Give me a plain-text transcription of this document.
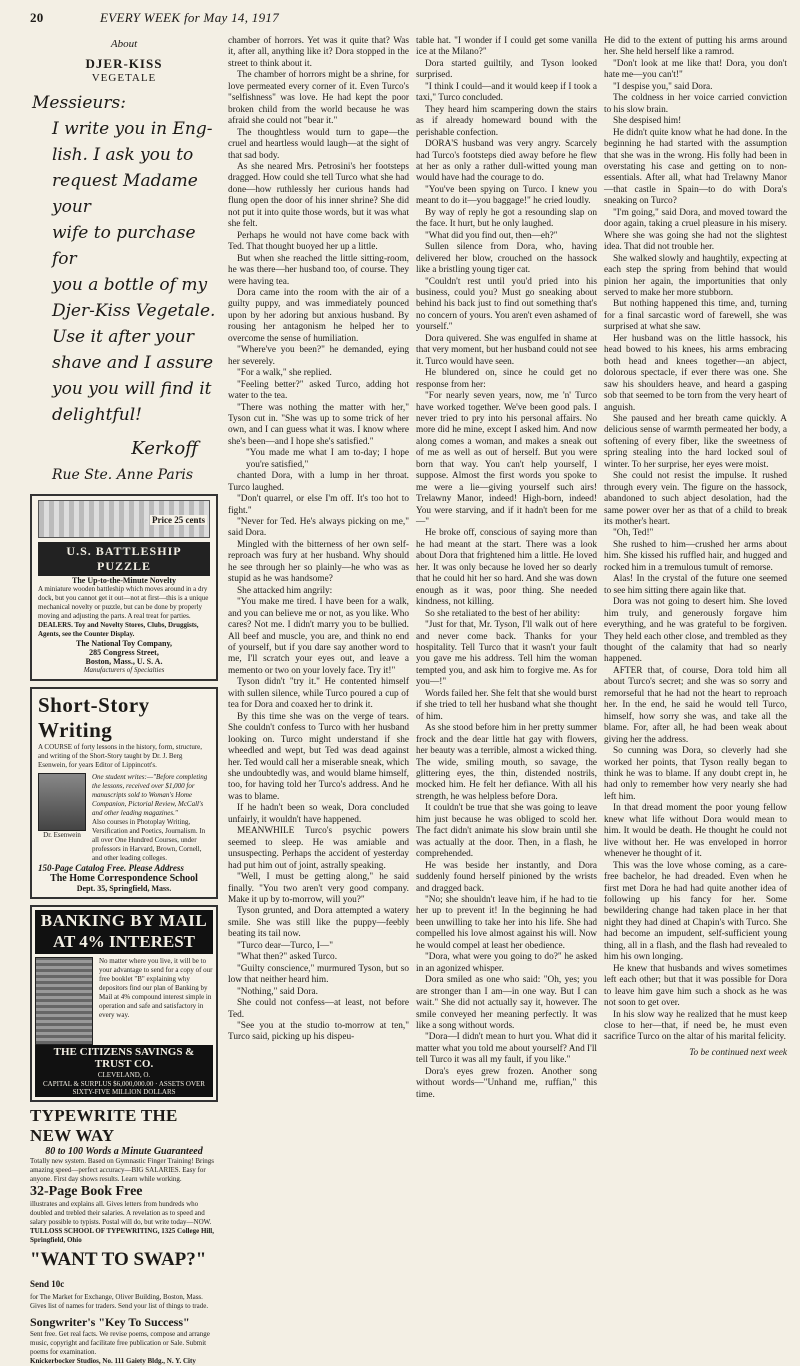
20	EVERY WEEK for May 14, 1917
About
DJER-KISS
VEGETALE
Messieurs:
I write you in Eng-
lish. I ask you to
request Madame your
wife to purchase for
you a bottle of my
Djer-Kiss Vegetale.
Use it after your
shave and I assure
you you will find it
delightful!
Kerkoff
Rue Ste. Anne Paris
Price 25 cents
U.S. BATTLESHIP PUZZLE
The Up-to-the-Minute Novelty
A miniature wooden battleship which moves around in a dry dock, but you cannot get it out—not at first—this is a unique mechanical novelty or puzzle, but can be done by properly moving and adjusting the parts. A real treat for parties.
DEALERS. Toy and Novelty Stores, Clubs, Druggists, Agents, see the Counter Display.
The National Toy Company,
285 Congress Street,
Boston, Mass., U. S. A.
Manufacturers of Specialties
Short-Story Writing
A COURSE of forty lessons in the history, form, structure, and writing of the Short-Story taught by Dr. J. Berg Esenwein, for years Editor of Lippincott's.
Dr. Esenwein
One student writes:—"Before completing the lessons, received over $1,000 for manuscripts sold to Woman's Home Companion, Pictorial Review, McCall's and other leading magazines."
Also courses in Photoplay Writing, Versification and Poetics, Journalism. In all over One Hundred Courses, under professors in Harvard, Brown, Cornell, and other leading colleges.
150-Page Catalog Free. Please Address
The Home Correspondence School
Dept. 35, Springfield, Mass.
BANKING BY MAIL
AT 4% INTEREST
No matter where you live, it will be to your advantage to send for a copy of our free booklet "B" explaining why depositors find our plan of Banking by Mail at 4% compound interest simple in operation and safe and satisfactory in every way.
THE CITIZENS SAVINGS & TRUST CO.
CLEVELAND, O.
CAPITAL & SURPLUS $6,000,000.00 · ASSETS OVER SIXTY-FIVE MILLION DOLLARS
TYPEWRITE THE NEW WAY
80 to 100 Words a Minute Guaranteed
Totally new system. Based on Gymnastic Finger Training! Brings amazing speed—perfect accuracy—BIG SALARIES. Easy for anyone. First day shows results. Learn while working.
32-Page Book Free
illustrates and explains all. Gives letters from hundreds who doubled and trebled their salaries. A revelation as to speed and salary possible to typists. Postal will do, but write today—NOW.
TULLOSS SCHOOL OF TYPEWRITING, 1325 College Hill, Springfield, Ohio
"WANT TO SWAP?" Send 10c
for The Market for Exchange, Oliver Building, Boston, Mass. Gives list of names for traders. Send your list of things to trade.
Songwriter's "Key To Success"
Sent free. Get real facts. We revise poems, compose and arrange music, copyright and facilitate free publication or Sale. Submit poems for examination.
Knickerbocker Studios, No. 111 Gaiety Bldg., N. Y. City

chamber of horrors. Yet was it quite that? Was it, after all, anything like it? Dora stopped in the street to think about it.

The chamber of horrors might be a shrine, for love permeated every corner of it. Even Turco's "selfishness" was love. He had kept the poor broken child from the world because he was afraid she could not "bear it."

The thoughtless would turn to gape—the cruel and heartless would laugh—at the sight of that sad body.

As she neared Mrs. Petrosini's her footsteps dragged. How could she tell Turco what she had done—how ruthlessly her curious hands had flung open the door of his inner shrine? She did not put it into quite those words, but it was what she felt.

Perhaps he would not have come back with Ted. That thought buoyed her up a little.

But when she reached the little sitting-room, he was there—her husband too, of course. They were having tea.

Dora came into the room with the air of a guilty puppy, and was immediately pounced upon by her adoring but anxious husband. By rousing her antagonism he helped her to overcome the sense of humiliation.

"Where've you been?" he demanded, eying her severely.

"For a walk," she replied.

"Feeling better?" asked Turco, adding hot water to the tea.

"There was nothing the matter with her," Tyson cut in. "She was up to some trick of her own, and I can guess what it was. I know where she's been—and I hope she's satisfied."

"You made me what I am to-day; I hope you're satisfied,"

chanted Dora, with a lump in her throat. Turco laughed.

"Don't quarrel, or else I'm off. It's too hot to fight."

"Never for Ted. He's always picking on me," said Dora.

Mingled with the bitterness of her own self-reproach was fury at her husband. Why should he see through her so plainly—he who was as stupid as he was handsome?

She attacked him angrily:

"You make me tired. I have been for a walk, and you can believe me or not, as you like. Who cares? Not me. I didn't marry you to be bullied. All beef and muscle, you are, and think no end of yourself, but if you dare say another word to me, I'll scratch your eyes out, and leave a memento or two on your lovely face. Try it!"

Tyson didn't "try it." He contented himself with sullen silence, while Turco poured a cup of tea for Dora and coaxed her to drink it.

By this time she was on the verge of tears. She couldn't confess to Turco with her husband looking on. Turco might understand if she wheedled and wept, but Ted was dead against her. Ted would call her a miserable sneak, which she undoubtedly was, and would blame himself, too, for having told her Turco's address. And he was to blame.

If he hadn't been so weak, Dora concluded unfairly, it wouldn't have happened.

MEANWHILE Turco's psychic powers seemed to sleep. He was amiable and unsuspecting. Perhaps the accident of yesterday had put him out of joint, astrally speaking.

"Well, I must be getting along," he said finally. "You two aren't very good company. Make it up by to-morrow, will you?"

Tyson grunted, and Dora attempted a watery smile. She was still like the puppy—feebly beating its tail now.

"Turco dear—Turco, I—"

"What then?" asked Turco.

"Guilty conscience," murmured Tyson, but so low that neither heard him.

"Nothing," said Dora.

She could not confess—at least, not before Ted.

"See you at the studio to-morrow at ten," Turco said, picking up his dispeu-

table hat. "I wonder if I could get some vanilla ice at the Milano?"

Dora started guiltily, and Tyson looked surprised.

"I think I could—and it would keep if I took a taxi," Turco concluded.

They heard him scampering down the stairs as if already homeward bound with the perishable confection.

DORA'S husband was very angry. Scarcely had Turco's footsteps died away before he flew at her as only a rather dull-witted young man would have had the courage to do.

"You've been spying on Turco. I knew you meant to do it—you baggage!" he cried loudly.

By way of reply he got a resounding slap on the face. It hurt, but he only laughed.

"What did you find out, then—eh?"

Sullen silence from Dora, who, having delivered her blow, crouched on the hassock like a bristling young tiger cat.

"Couldn't rest until you'd pried into his business, could you? Must go sneaking about behind his back just to find out something that's no concern of yours. You aren't even ashamed of yourself."

Dora quivered. She was engulfed in shame at that very moment, but her husband could not see it. Turco would have seen.

He blundered on, since he could get no response from her:

"For nearly seven years, now, me 'n' Turco have worked together. We've been good pals. I never tried to pry into his personal affairs. No more did he mine, except I asked him. And now along comes a woman, and makes a sneak out of me as well as out of herself. But you were born that way. You can't help yourself, I suppose. Almost the first words you spoke to me were a lie—giving yourself such airs! Trelawny Manor, indeed! High-born, indeed! You were starving, and if it hadn't been for me—"

He broke off, conscious of saying more than he had meant at the start. There was a look about Dora that frightened him a little. He loved her. It was only because he loved her so dearly that he could hit her so hard. And she was down enough as it was, poor thing. She needed kindness, not killing.

So she retaliated to the best of her ability:

"Just for that, Mr. Tyson, I'll walk out of here and never come back. Thanks for your hospitality. Tell Turco that it wasn't your fault you gave me his address. Tell him the woman tempted you, and ask him to forgive me. As for you—!"

Words failed her. She felt that she would burst if she tried to tell her husband what she thought of him.

As she stood before him in her pretty summer frock and the dear little hat gay with flowers, her beauty was a terrible, almost a wicked thing. The wide, smiling mouth, so savage, the glittering eyes, the thin, distended nostrils, mocked him. He felt her defiance. With all his strength, he was helpless before Dora.

It couldn't be true that she was going to leave him just because he was obliged to scold her. The fact didn't animate his slow brain until she was actually at the door. Then, in a flash, he comprehended.

He was beside her instantly, and Dora suddenly found herself pinioned by the wrists and dragged back.

"No; she shouldn't leave him, if he had to tie her up to prevent it! In the beginning he had been unwilling to take her into his life. She had compelled his love almost against his will. Now he would compel at least her obedience.

"Dora, what were you going to do?" he asked in an agonized whisper.

Dora smiled as one who said: "Oh, yes; you are stronger than I am—in one way. But I can wait." She did not actually say it, however. The smile conveyed her meaning perfectly. It was like a song without words.

"Dora—I didn't mean to hurt you. What did it matter what you told me about yourself? And I'll tell Turco it was all my fault, if you like."

Dora's eyes grew frozen. Another song without words—"Unhand me, ruffian," this time.

He did to the extent of putting his arms around her. She held herself like a ramrod.

"Don't look at me like that! Dora, you don't hate me—you can't!"

"I despise you," said Dora.

The coldness in her voice carried conviction to his slow brain.

She despised him!

He didn't quite know what he had done. In the beginning he had started with the assumption that she was in the wrong. His folly had been in overstating his case and getting on to non-essentials. After all, what had Trelawny Manor—that castle in Spain—to do with Dora's sneaking on Turco?

"I'm going," said Dora, and moved toward the door again, taking a cruel pleasure in his misery. Where she was going she had not the slightest idea. That did not trouble her.

She walked slowly and haughtily, expecting at each step the spring from behind that would pinion her again, the importunities that only served to make her more stubborn.

But nothing happened this time, and, turning for a final sarcastic word of farewell, she was surprised at what she saw.

Her husband was on the little hassock, his head bowed to his knees, his arms embracing both head and knees together—an abject, dolorous spectacle, if ever there was one. She saw his shoulders heave, and heard a gasping sob that seemed to be torn from the very heart of anguish.

She paused and her breath came quickly. A delicious sense of warmth permeated her body, a softening of every fiber, like the sweetness of spring stealing into the hard locked soul of winter. To her surprise, her eyes were moist.

She could not resist the impulse. It rushed through every vein. The figure on the hassock, abandoned to such abject desolation, had the same power over her as that of a child to break its mother's heart.

"Oh, Ted!"

She rushed to him—crushed her arms about him. She kissed his ruffled hair, and hugged and rocked him in a tremulous tumult of remorse.

Alas! In the crystal of the future one seemed to see him sitting there again like that.

Dora was not going to desert him. She loved him truly, and generously forgave him everything, and he was grateful to be forgiven. They held each other close, and trembled as they thought of the calamity that had so nearly happened.

AFTER that, of course, Dora told him all about Turco's secret; and she was so sorry and remorseful that he had not the heart to reproach her. In the end, he said he would tell Turco, himself, how sorry she was, and take all the blame. For, after all, he had been weak about giving her the address.

So cunning was Dora, so cleverly had she worked her points, that Tyson really began to think he was to blame. If any doubt crept in, he had only to remember how very nearly she had left him.

In that dread moment the poor young fellow knew what life without Dora would mean to him. It would be death. He thought he could not live without her. He was enveloped in horror whenever he thought of it.

This was the love whose coming, as a care-free bachelor, he had dreaded. Even when he first met Dora he had had quite another idea of following up his fancy for her. Some bewildering change had taken place in her that night they had dined at Chapin's with Turco. She had become an impudent, self-sufficient young thing, all in a flash, and the flash had revealed to him his own longing.

He knew that husbands and wives sometimes left each other; but that it was possible for Dora to leave him gave him such a shock as he was not soon to get over.

In his slow way he realized that he must keep close to her—that, if need be, he must even sacrifice Turco on the altar of his marital felicity.

To be continued next week
